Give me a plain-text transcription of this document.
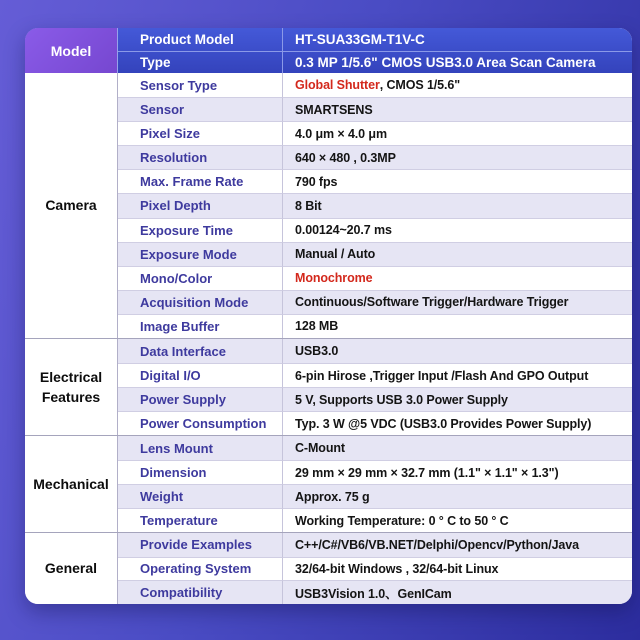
Model
Product Model	HT-SUA33GM-T1V-C
Type	0.3 MP 1/5.6" CMOS USB3.0 Area Scan Camera
Camera
Sensor Type	Global Shutter , CMOS 1/5.6"
Sensor	SMARTSENS
Pixel Size	4.0 μm × 4.0 μm
Resolution	640 × 480 , 0.3MP
Max. Frame Rate	790 fps
Pixel Depth	8 Bit
Exposure Time	0.00124~20.7 ms
Exposure Mode	Manual / Auto
Mono/Color	Monochrome
Acquisition Mode	Continuous/Software Trigger/Hardware Trigger
Image Buffer	128 MB
Electrical Features
Data Interface	USB3.0
Digital I/O	6-pin Hirose ,Trigger Input /Flash And GPO Output
Power Supply	5 V, Supports USB 3.0 Power Supply
Power Consumption	Typ. 3 W @5 VDC (USB3.0 Provides Power Supply)
Mechanical
Lens Mount	C-Mount
Dimension	29 mm × 29 mm × 32.7 mm (1.1" × 1.1" × 1.3")
Weight	Approx. 75 g
Temperature	Working Temperature: 0 ° C to 50 ° C
General
Provide Examples	C++/C#/VB6/VB.NET/Delphi/Opencv/Python/Java
Operating System	32/64-bit Windows , 32/64-bit Linux
Compatibility	USB3Vision 1.0、GenICam
